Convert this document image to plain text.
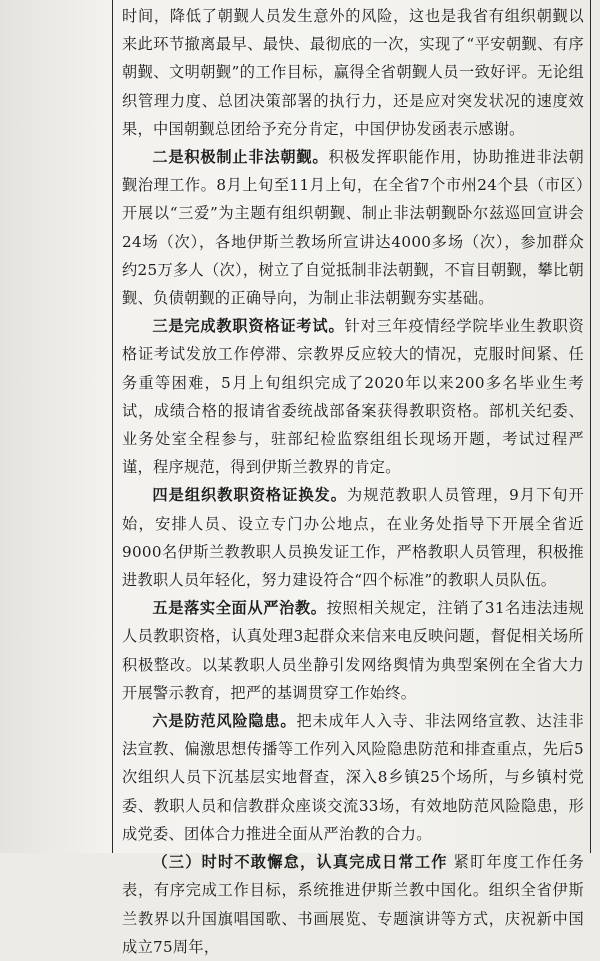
时间，降低了朝觐人员发生意外的风险，这也是我省有组织朝觐以来此环节撤离最早、最快、最彻底的一次，实现了“平安朝觐、有序朝觐、文明朝觐”的工作目标，赢得全省朝觐人员一致好评。无论组织管理力度、总团决策部署的执行力，还是应对突发状况的速度效果，中国朝觐总团给予充分肯定，中国伊协发函表示感谢。

二是积极制止非法朝觐。积极发挥职能作用，协助推进非法朝觐治理工作。8月上旬至11月上旬，在全省7个市州24个县（市区）开展以“三爱”为主题有组织朝觐、制止非法朝觐卧尔兹巡回宣讲会24场（次），各地伊斯兰教场所宣讲达4000多场（次），参加群众约25万多人（次），树立了自觉抵制非法朝觐，不盲目朝觐，攀比朝觐、负债朝觐的正确导向，为制止非法朝觐夯实基础。

三是完成教职资格证考试。针对三年疫情经学院毕业生教职资格证考试发放工作停滞、宗教界反应较大的情况，克服时间紧、任务重等困难，5月上旬组织完成了2020年以来200多名毕业生考试，成绩合格的报请省委统战部备案获得教职资格。部机关纪委、业务处室全程参与，驻部纪检监察组组长现场开题，考试过程严谨，程序规范，得到伊斯兰教界的肯定。

四是组织教职资格证换发。为规范教职人员管理，9月下旬开始，安排人员、设立专门办公地点，在业务处指导下开展全省近9000名伊斯兰教教职人员换发证工作，严格教职人员管理，积极推进教职人员年轻化，努力建设符合“四个标准”的教职人员队伍。

五是落实全面从严治教。按照相关规定，注销了31名违法违规人员教职资格，认真处理3起群众来信来电反映问题，督促相关场所积极整改。以某教职人员坐静引发网络舆情为典型案例在全省大力开展警示教育，把严的基调贯穿工作始终。

六是防范风险隐患。把未成年人入寺、非法网络宣教、达洼非法宣教、偏激思想传播等工作列入风险隐患防范和排查重点，先后5次组织人员下沉基层实地督查，深入8乡镇25个场所，与乡镇村党委、教职人员和信教群众座谈交流33场，有效地防范风险隐患，形成党委、团体合力推进全面从严治教的合力。

（三）时时不敢懈怠，认真完成日常工作 紧盯年度工作任务表，有序完成工作目标，系统推进伊斯兰教中国化。组织全省伊斯兰教界以升国旗唱国歌、书画展览、专题演讲等方式，庆祝新中国成立75周年，
